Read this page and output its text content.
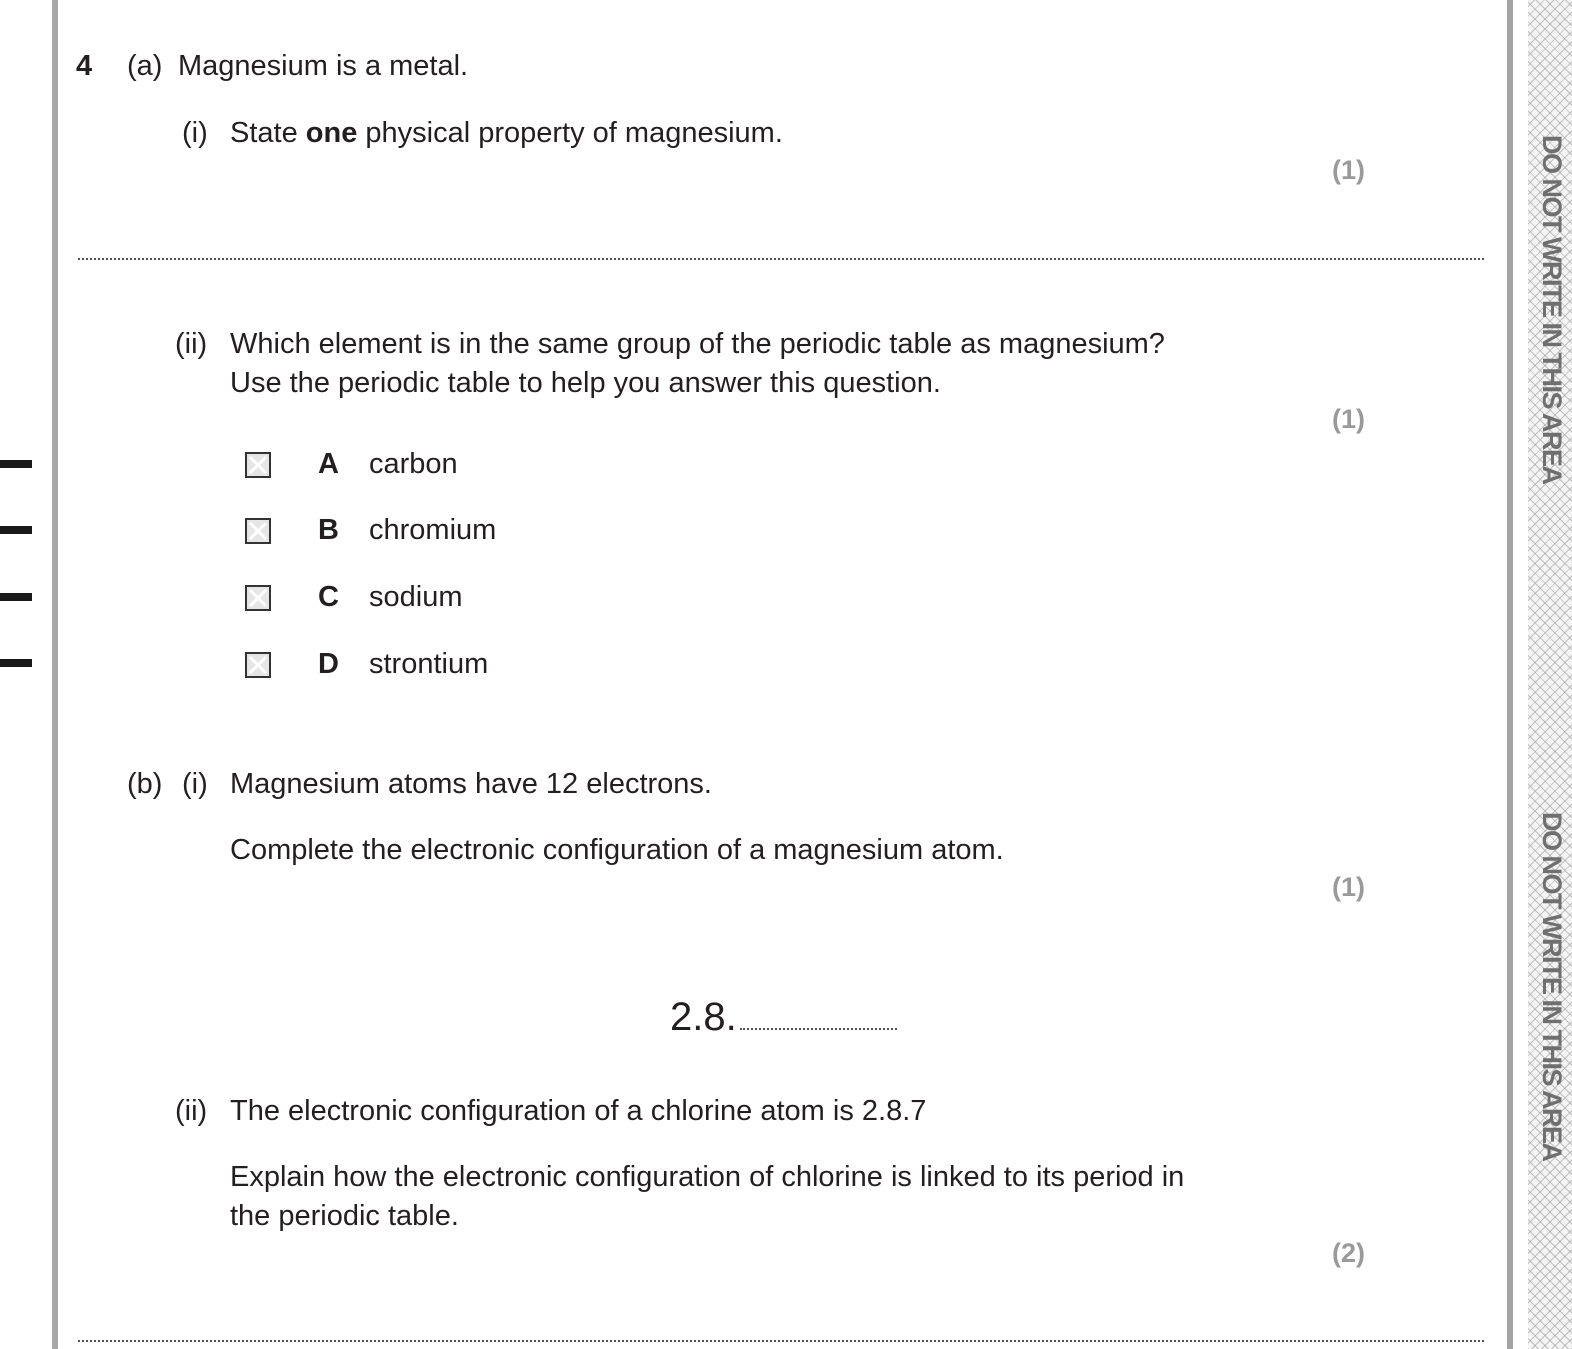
DO NOT WRITE IN THIS AREA
DO NOT WRITE IN THIS AREA
4 (a) Magnesium is a metal.
(i) State one physical property of magnesium.
(1)
(ii) Which element is in the same group of the periodic table as magnesium?
Use the periodic table to help you answer this question.
(1)
A carbon
B chromium
C sodium
D strontium
(b) (i) Magnesium atoms have 12 electrons.
Complete the electronic configuration of a magnesium atom.
(1)
2.8.
(ii) The electronic configuration of a chlorine atom is 2.8.7
Explain how the electronic configuration of chlorine is linked to its period in
the periodic table.
(2)
